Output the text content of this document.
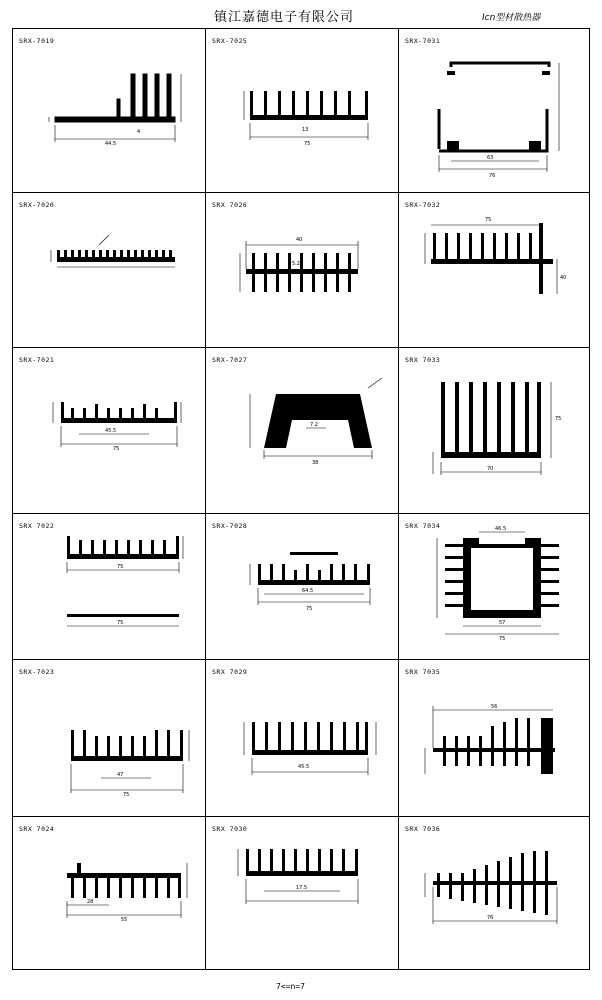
镇江嘉德电子有限公司	Icn型材散热器
SRX-7019
44.5
4
SRX-7025
13
75
SRX-7031
63
76
SRX-7020	SRX 7026
40
5.25
SRX-7032
75
40
SRX-7021
45.5
75
SRX-7027
7.2
38
SRX 7033
70
75
SRX 7022
75
75
SRX-7028
64.5
75
SRX 7034	46.5
57
75
SRX-7023
47
75
SRX 7029
45.5
SRX 7035
56
SRX 7024
28
55
SRX 7030
17.5
SRX 7036
76
7<=n=7
